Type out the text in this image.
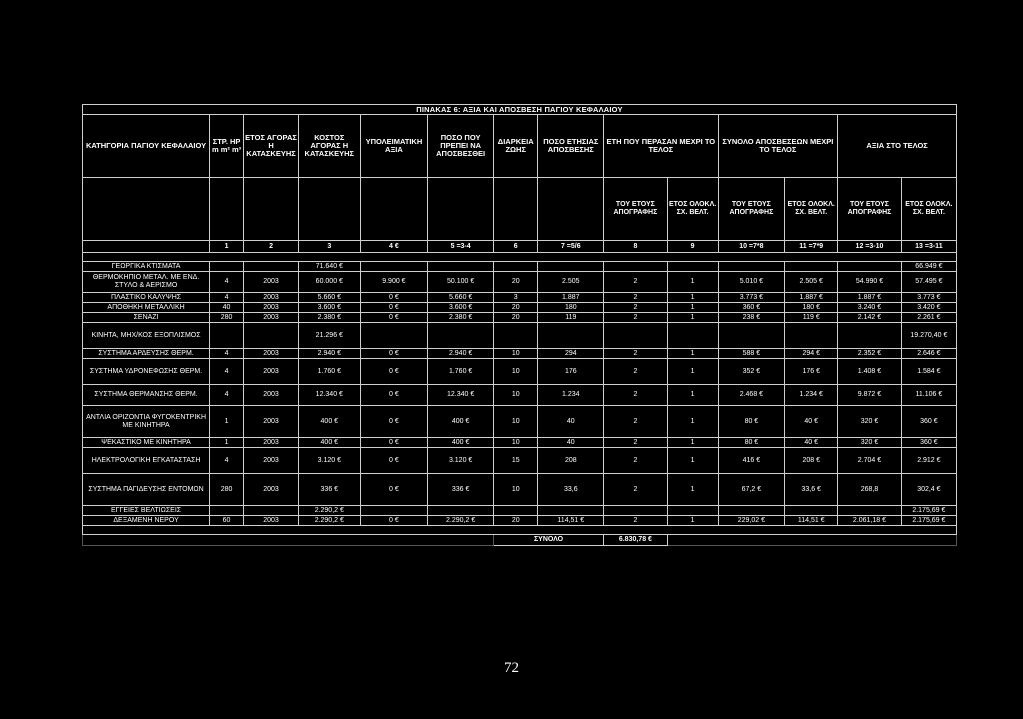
ΠΙΝΑΚΑΣ 6: ΑΞΙΑ ΚΑΙ ΑΠΟΣΒΕΣΗ ΠΑΓΙΟΥ ΚΕΦΑΛΑΙΟΥ													
ΚΑΤΗΓΟΡΙΑ ΠΑΓΙΟΥ ΚΕΦΑΛΑΙΟΥ	ΣΤΡ. ΗΡ m m² m³	ΕΤΟΣ ΑΓΟΡΑΣ Η ΚΑΤΑΣΚΕΥΗΣ	ΚΟΣΤΟΣ ΑΓΟΡΑΣ Η ΚΑΤΑΣΚΕΥΗΣ	ΥΠΟΛΕΙΜΑΤΙΚΗ ΑΞΙΑ	ΠΟΣΟ ΠΟΥ ΠΡΕΠΕΙ ΝΑ ΑΠΟΣΒΕΣΘΕΙ	ΔΙΑΡΚΕΙΑ ΖΩΗΣ	ΠΟΣΟ ΕΤΗΣΙΑΣ ΑΠΟΣΒΕΣΗΣ	ΕΤΗ ΠΟΥ ΠΕΡΑΣΑΝ ΜΕΧΡΙ ΤΟ ΤΕΛΟΣ		ΣΥΝΟΛΟ ΑΠΟΣΒΕΣΕΩΝ ΜΕΧΡΙ ΤΟ ΤΕΛΟΣ		ΑΞΙΑ ΣΤΟ ΤΕΛΟΣ	
								ΤΟΥ ΕΤΟΥΣ ΑΠΟΓΡΑΦΗΣ	ΕΤΟΣ ΟΛΟΚΛ. ΣΧ. ΒΕΛΤ.	ΤΟΥ ΕΤΟΥΣ ΑΠΟΓΡΑΦΗΣ	ΕΤΟΣ ΟΛΟΚΛ. ΣΧ. ΒΕΛΤ.	ΤΟΥ ΕΤΟΥΣ ΑΠΟΓΡΑΦΗΣ	ΕΤΟΣ ΟΛΟΚΛ. ΣΧ. ΒΕΛΤ.
	1	2	3	4 €	5 =3-4	6	7 =5/6	8	9	10 =7*8	11 =7*9	12 =3-10	13 =3-11

ΓΕΩΡΓΙΚΑ ΚΤΙΣΜΑΤΑ			71.640 €										66.949 €
ΘΕΡΜΟΚΗΠΙΟ ΜΕΤΑΛ. ΜΕ ΕΝΔ. ΣΤΥΛΟ & ΑΕΡΙΣΜΟ	4	2003	60.000 €	9.900 €	50.100 €	20	2.505	2	1	5.010 €	2.505 €	54.990 €	57.495 €
ΠΛΑΣΤΙΚΟ ΚΑΛΥΨΗΣ	4	2003	5.660 €	0 €	5.660 €	3	1.887	2	1	3.773 €	1.887 €	1.887 €	3.773 €
ΑΠΟΘΗΚΗ ΜΕΤΑΛΛΙΚΗ	40	2003	3.600 €	0 €	3.600 €	20	180	2	1	360 €	180 €	3.240 €	3.420 €
ΣΕΝΑΖΙ	280	2003	2.380 €	0 €	2.380 €	20	119	2	1	238 €	119 €	2.142 €	2.261 €
ΚΙΝΗΤΑ, ΜΗΧ/ΚΟΣ ΕΞΟΠΛΙΣΜΟΣ			21.296 €										19.270,40 €
ΣΥΣΤΗΜΑ ΑΡΔΕΥΣΗΣ ΘΕΡΜ.	4	2003	2.940 €	0 €	2.940 €	10	294	2	1	588 €	294 €	2.352 €	2.646 €
ΣΥΣΤΗΜΑ ΥΔΡΟΝΕΦΩΣΗΣ ΘΕΡΜ.	4	2003	1.760 €	0 €	1.760 €	10	176	2	1	352 €	176 €	1.408 €	1.584 €
ΣΥΣΤΗΜΑ ΘΕΡΜΑΝΣΗΣ ΘΕΡΜ.	4	2003	12.340 €	0 €	12.340 €	10	1.234	2	1	2.468 €	1.234 €	9.872 €	11.106 €
ΑΝΤΛΙΑ ΟΡΙΖΟΝΤΙΑ ΦΥΓΟΚΕΝΤΡΙΚΗ ΜΕ ΚΙΝΗΤΗΡΑ	1	2003	400 €	0 €	400 €	10	40	2	1	80 €	40 €	320 €	360 €
ΨΕΚΑΣΤΙΚΟ ΜΕ ΚΙΝΗΤΗΡΑ	1	2003	400 €	0 €	400 €	10	40	2	1	80 €	40 €	320 €	360 €
ΗΛΕΚΤΡΟΛΟΓΙΚΗ ΕΓΚΑΤΑΣΤΑΣΗ	4	2003	3.120 €	0 €	3.120 €	15	208	2	1	416 €	208 €	2.704 €	2.912 €
ΣΥΣΤΗΜΑ ΠΑΓΙΔΕΥΣΗΣ ΕΝΤΟΜΩΝ	280	2003	336 €	0 €	336 €	10	33,6	2	1	67,2 €	33,6 €	268,8	302,4 €
ΕΓΓΕΙΕΣ ΒΕΛΤΙΩΣΕΙΣ			2.290,2 €										2.175,69 €
ΔΕΞΑΜΕΝΗ ΝΕΡΟΥ	60	2003	2.290,2 €	0 €	2.290,2 €	20	114,51 €	2	1	229,02 €	114,51 €	2.061,18 €	2.175,69 €

						ΣΥΝΟΛΟ		6.830,78 €					
72
